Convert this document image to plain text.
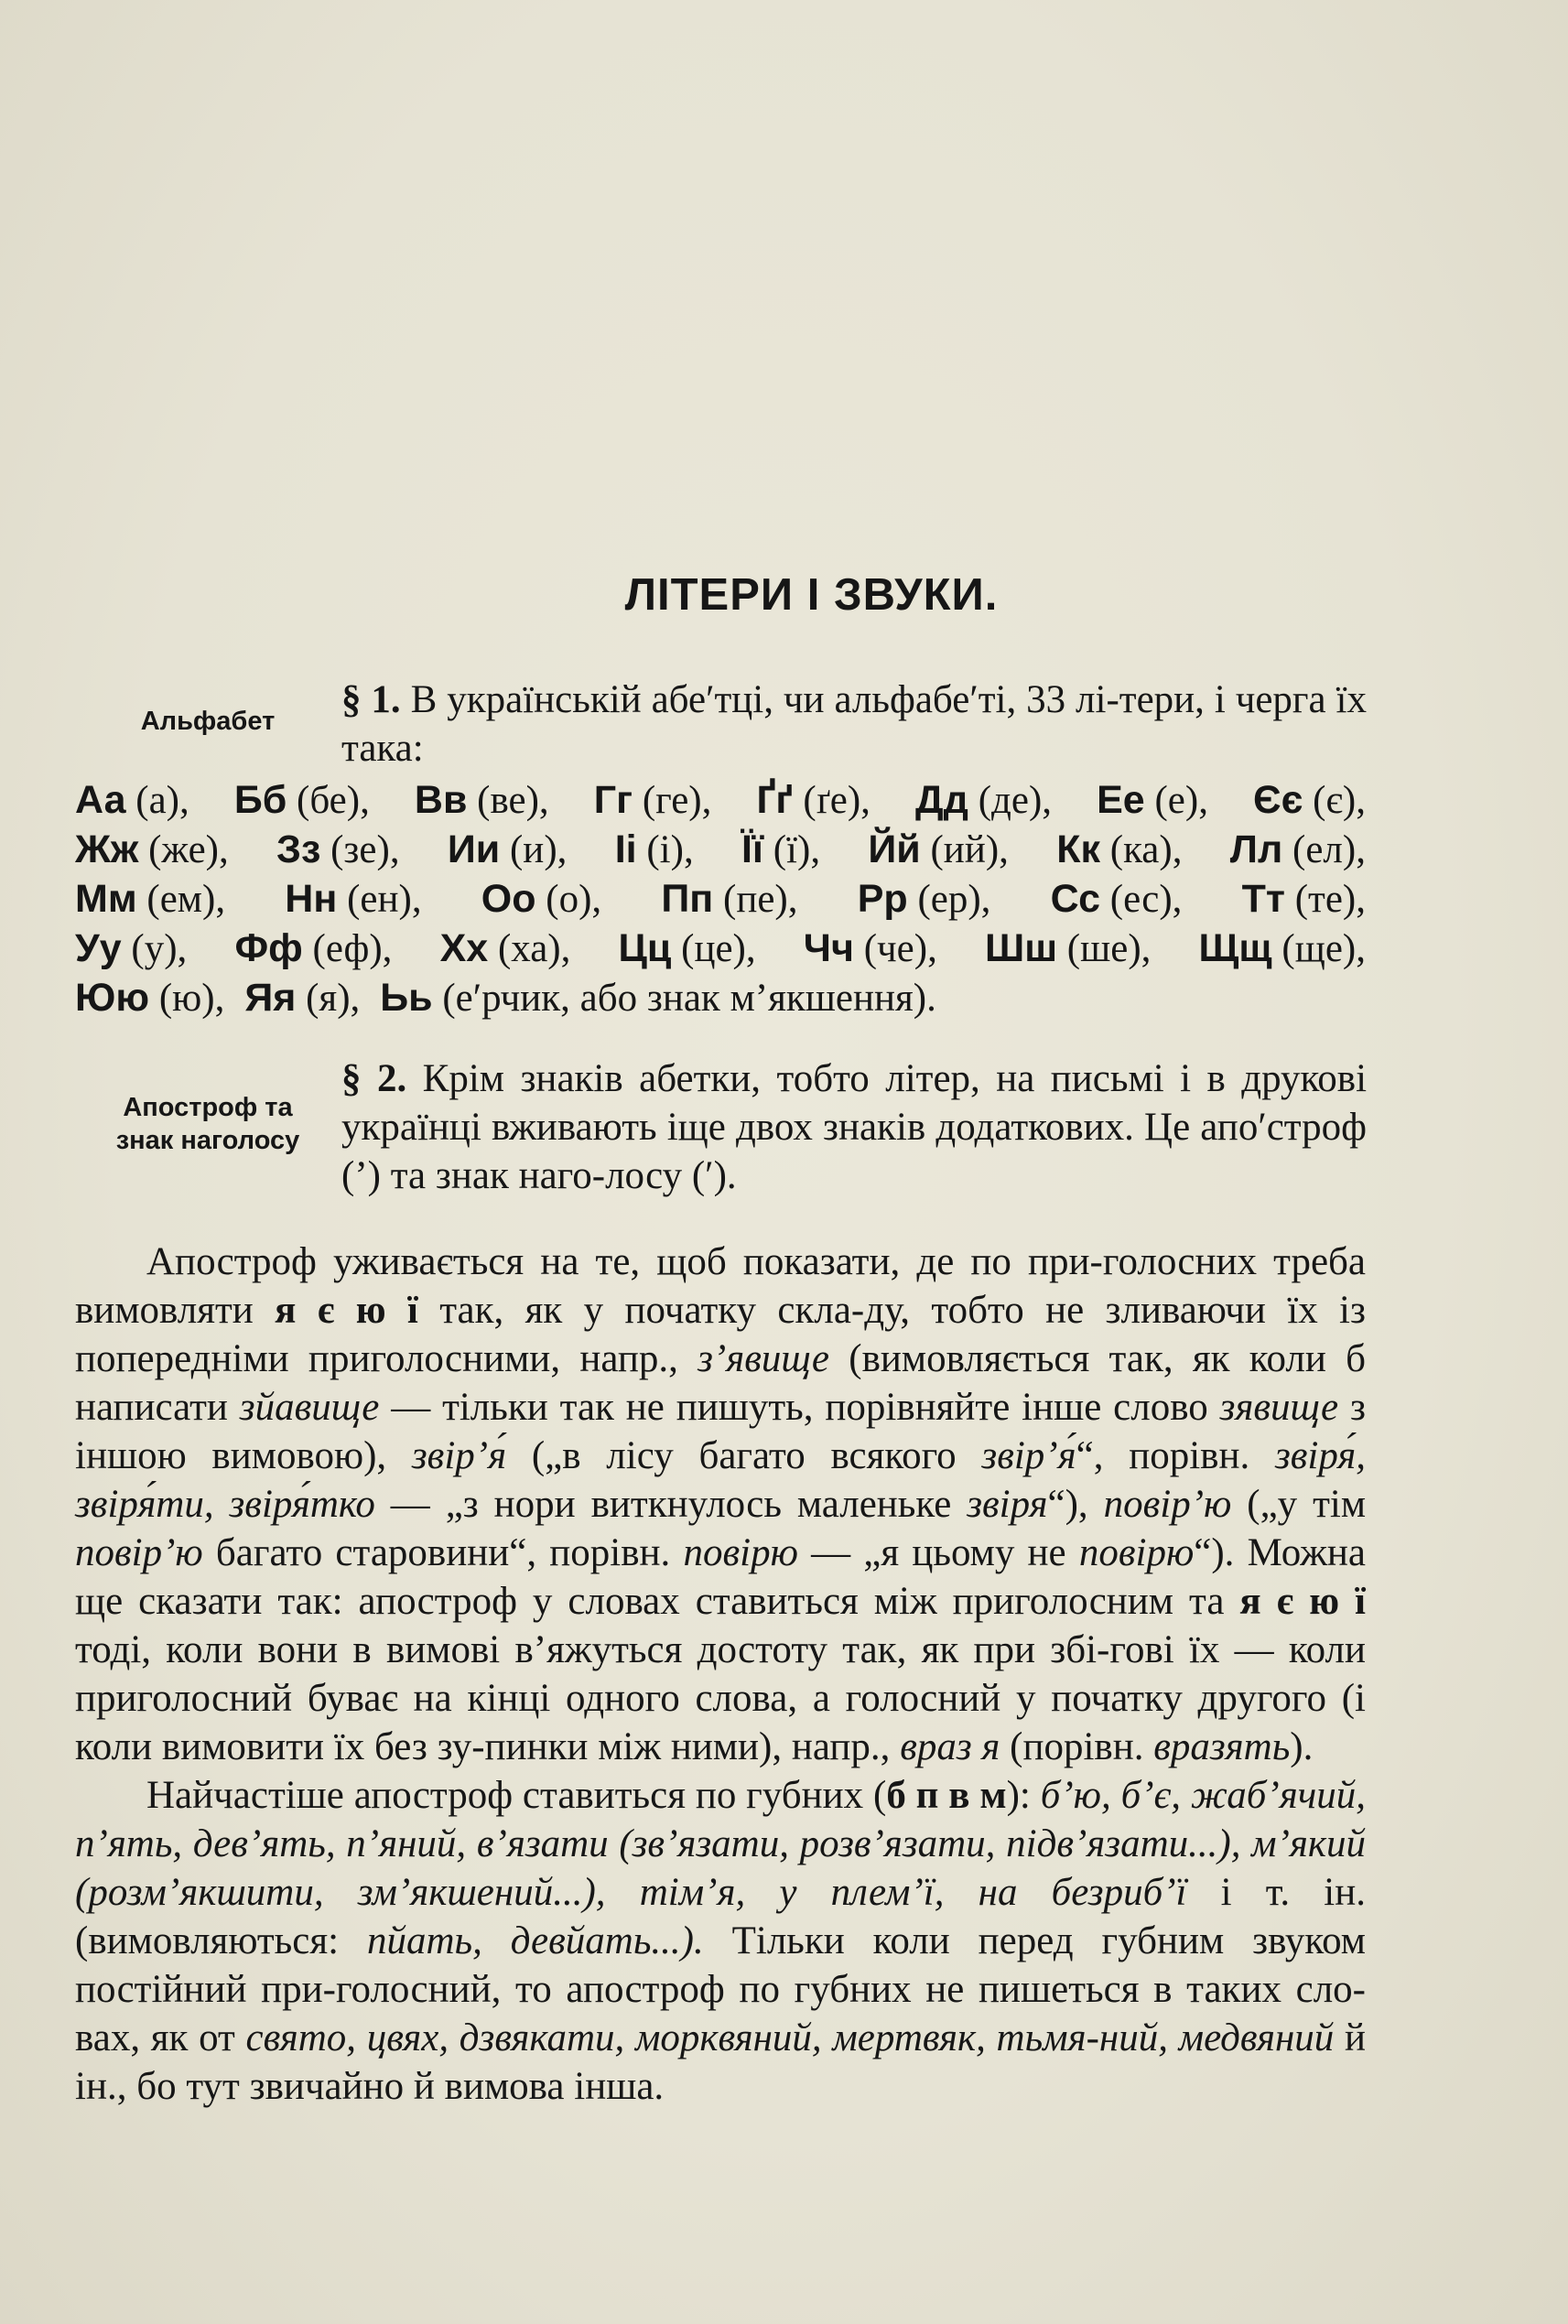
ЛІТЕРИ І ЗВУКИ.
Альфабет	§ 1. В українській абе′тці, чи альфабе′ті, 33 лі-тери, і черга їх така:
Аа (а), Бб (бе), Вв (ве), Гг (ге), Ґґ (ґе), Дд (де), Ее (е), Єє (є),
Жж (же), Зз (зе), Ии (и), Іі (і), Її (ї), Йй (ий), Кк (ка), Лл (ел),
Мм (ем), Нн (ен), Оо (о), Пп (пе), Рр (ер), Сс (ес), Тт (те),
Уу (у), Фф (еф), Хх (ха), Цц (це), Чч (че), Шш (ше), Щщ (ще),
Юю (ю), Яя (я), Ьь (е′рчик, або знак м’якшення).
Апостроф та знак наголосу
§ 2. Крім знаків абетки, тобто літер, на письмі і в друкові українці вживають іще двох знаків додаткових. Це апо′строф (’) та знак наго-лосу (′).

Апостроф уживається на те, щоб показати, де по при-голосних треба вимовляти я є ю ї так, як у початку скла-ду, тобто не зливаючи їх із попередніми приголосними, напр., з’явище (вимовляється так, як коли б написати зйавище — тільки так не пишуть, порівняйте інше слово зявище з іншою вимовою), звір’я́ („в лісу багато всякого звір’я́“, порівн. звіря́, звіря́ти, звіря́тко — „з нори виткнулось маленьке звіря“), повір’ю („у тім повір’ю багато старовини“, порівн. повірю — „я цьому не повірю“). Можна ще сказати так: апостроф у словах ставиться між приголосним та я є ю ї тоді, коли вони в вимові в’яжуться достоту так, як при збі-гові їх — коли приголосний буває на кінці одного слова, а голосний у початку другого (і коли вимовити їх без зу-пинки між ними), напр., враз я (порівн. вразять).

Найчастіше апостроф ставиться по губних (б п в м): б’ю, б’є, жаб’ячий, п’ять, дев’ять, п’яний, в’язати (зв’язати, розв’язати, підв’язати...), м’який (розм’якшити, зм’якшений...), тім’я, у плем’ї, на безриб’ї і т. ін. (вимовляються: пйать, девйать...). Тільки коли перед губним звуком постійний при-голосний, то апостроф по губних не пишеться в таких сло-вах, як от свято, цвях, дзвякати, морквяний, мертвяк, тьмя-ний, медвяний й ін., бо тут звичайно й вимова інша.
